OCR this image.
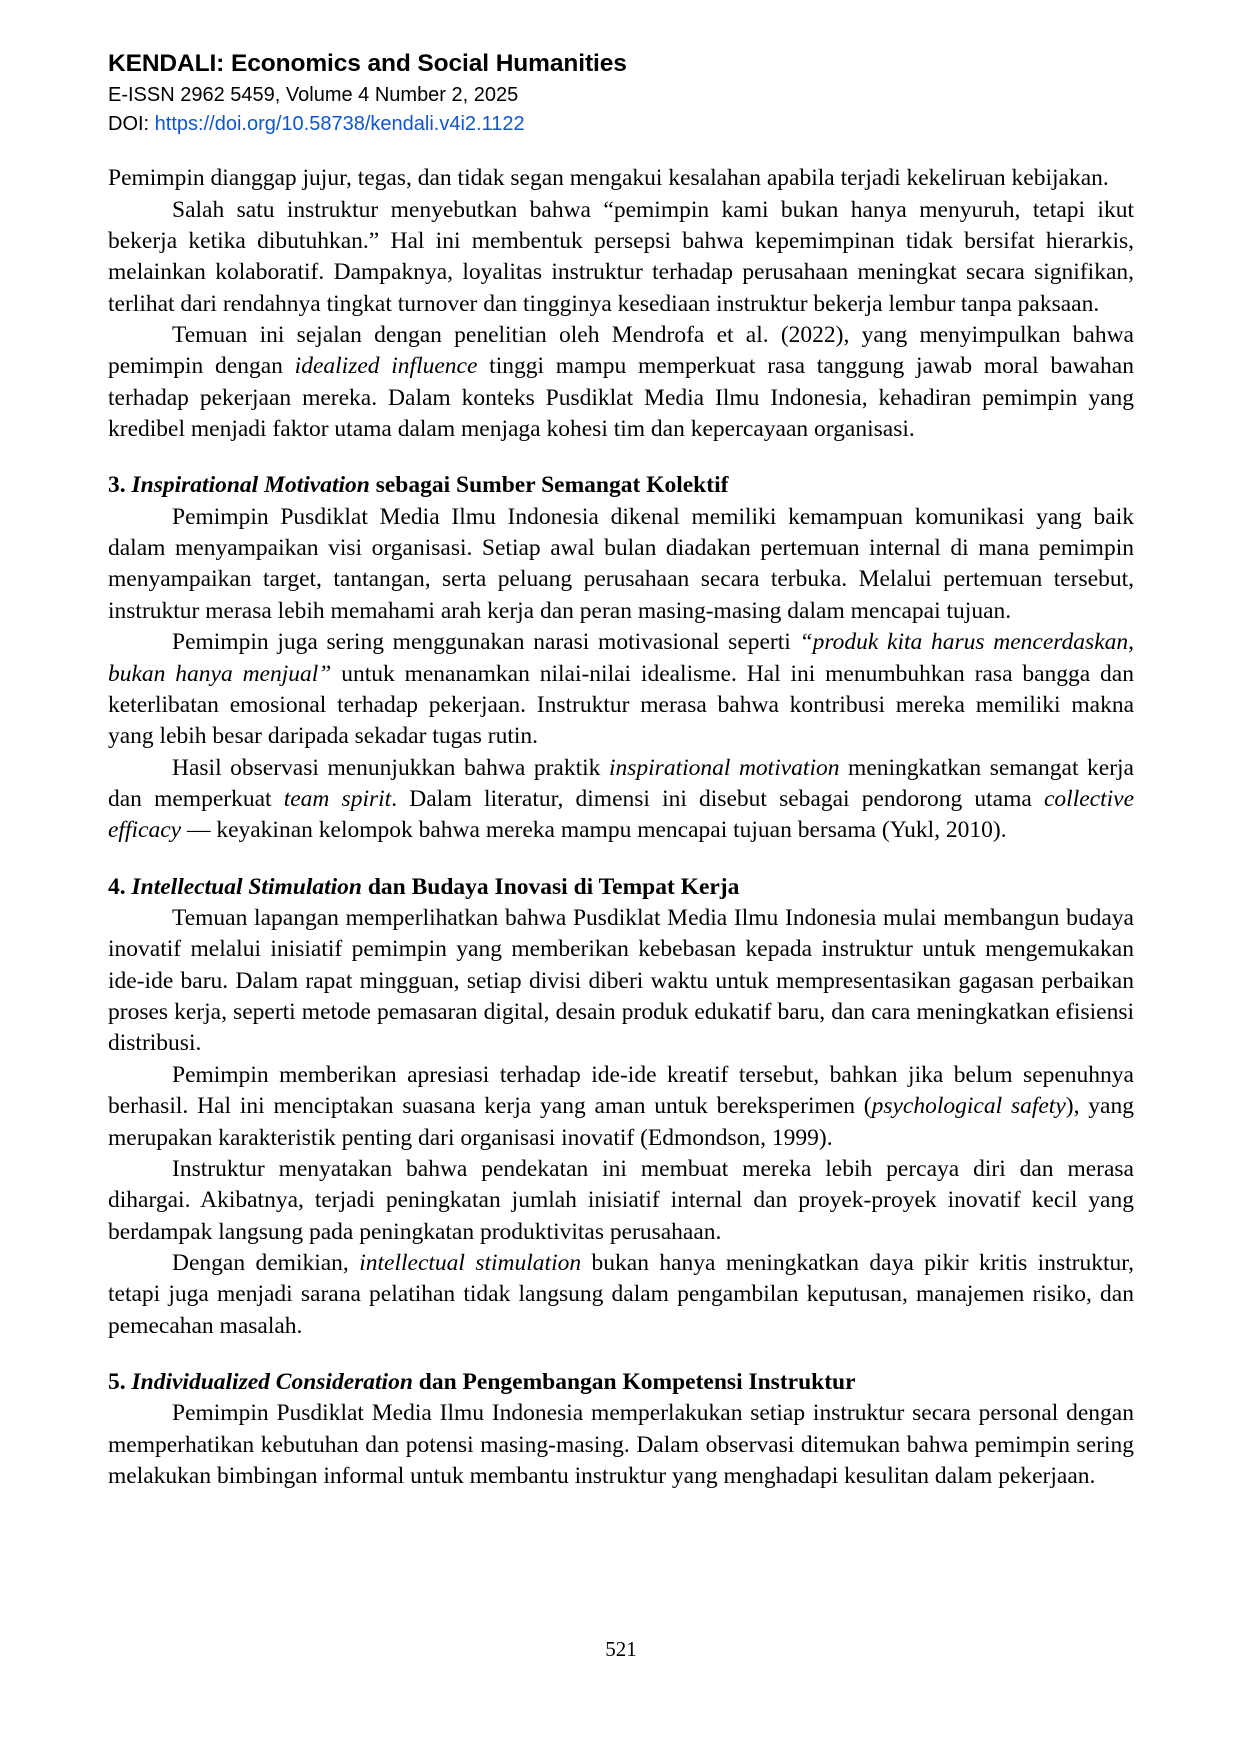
KENDALI: Economics and Social Humanities
E-ISSN 2962 5459, Volume 4 Number 2, 2025
DOI: https://doi.org/10.58738/kendali.v4i2.1122

Pemimpin dianggap jujur, tegas, dan tidak segan mengakui kesalahan apabila terjadi kekeliruan kebijakan.

Salah satu instruktur menyebutkan bahwa “pemimpin kami bukan hanya menyuruh, tetapi ikut bekerja ketika dibutuhkan.” Hal ini membentuk persepsi bahwa kepemimpinan tidak bersifat hierarkis, melainkan kolaboratif. Dampaknya, loyalitas instruktur terhadap perusahaan meningkat secara signifikan, terlihat dari rendahnya tingkat turnover dan tingginya kesediaan instruktur bekerja lembur tanpa paksaan.

Temuan ini sejalan dengan penelitian oleh Mendrofa et al. (2022), yang menyimpulkan bahwa pemimpin dengan idealized influence tinggi mampu memperkuat rasa tanggung jawab moral bawahan terhadap pekerjaan mereka. Dalam konteks Pusdiklat Media Ilmu Indonesia, kehadiran pemimpin yang kredibel menjadi faktor utama dalam menjaga kohesi tim dan kepercayaan organisasi.

3. Inspirational Motivation sebagai Sumber Semangat Kolektif

Pemimpin Pusdiklat Media Ilmu Indonesia dikenal memiliki kemampuan komunikasi yang baik dalam menyampaikan visi organisasi. Setiap awal bulan diadakan pertemuan internal di mana pemimpin menyampaikan target, tantangan, serta peluang perusahaan secara terbuka. Melalui pertemuan tersebut, instruktur merasa lebih memahami arah kerja dan peran masing-masing dalam mencapai tujuan.

Pemimpin juga sering menggunakan narasi motivasional seperti “produk kita harus mencerdaskan, bukan hanya menjual” untuk menanamkan nilai-nilai idealisme. Hal ini menumbuhkan rasa bangga dan keterlibatan emosional terhadap pekerjaan. Instruktur merasa bahwa kontribusi mereka memiliki makna yang lebih besar daripada sekadar tugas rutin.

Hasil observasi menunjukkan bahwa praktik inspirational motivation meningkatkan semangat kerja dan memperkuat team spirit. Dalam literatur, dimensi ini disebut sebagai pendorong utama collective efficacy — keyakinan kelompok bahwa mereka mampu mencapai tujuan bersama (Yukl, 2010).

4. Intellectual Stimulation dan Budaya Inovasi di Tempat Kerja

Temuan lapangan memperlihatkan bahwa Pusdiklat Media Ilmu Indonesia mulai membangun budaya inovatif melalui inisiatif pemimpin yang memberikan kebebasan kepada instruktur untuk mengemukakan ide-ide baru. Dalam rapat mingguan, setiap divisi diberi waktu untuk mempresentasikan gagasan perbaikan proses kerja, seperti metode pemasaran digital, desain produk edukatif baru, dan cara meningkatkan efisiensi distribusi.

Pemimpin memberikan apresiasi terhadap ide-ide kreatif tersebut, bahkan jika belum sepenuhnya berhasil. Hal ini menciptakan suasana kerja yang aman untuk bereksperimen (psychological safety), yang merupakan karakteristik penting dari organisasi inovatif (Edmondson, 1999).

Instruktur menyatakan bahwa pendekatan ini membuat mereka lebih percaya diri dan merasa dihargai. Akibatnya, terjadi peningkatan jumlah inisiatif internal dan proyek-proyek inovatif kecil yang berdampak langsung pada peningkatan produktivitas perusahaan.

Dengan demikian, intellectual stimulation bukan hanya meningkatkan daya pikir kritis instruktur, tetapi juga menjadi sarana pelatihan tidak langsung dalam pengambilan keputusan, manajemen risiko, dan pemecahan masalah.

5. Individualized Consideration dan Pengembangan Kompetensi Instruktur

Pemimpin Pusdiklat Media Ilmu Indonesia memperlakukan setiap instruktur secara personal dengan memperhatikan kebutuhan dan potensi masing-masing. Dalam observasi ditemukan bahwa pemimpin sering melakukan bimbingan informal untuk membantu instruktur yang menghadapi kesulitan dalam pekerjaan.

521
